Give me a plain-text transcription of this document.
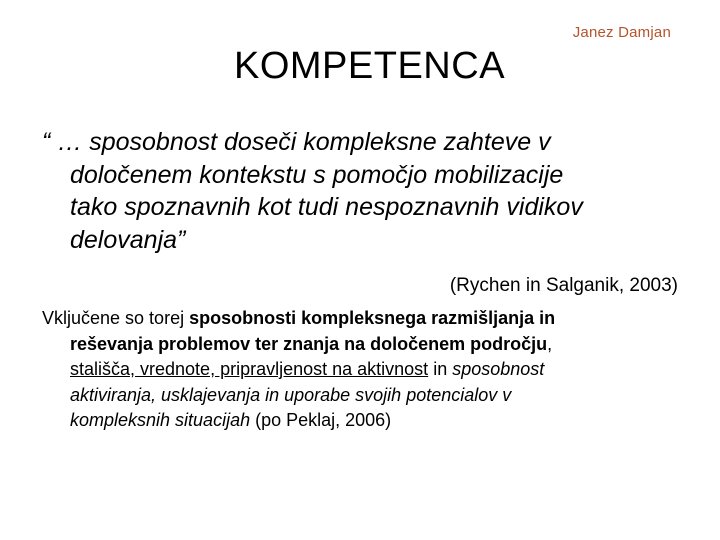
Janez Damjan
KOMPETENCA
“ … sposobnost doseči kompleksne zahteve v
določenem kontekstu s pomočjo mobilizacije
tako spoznavnih kot tudi nespoznavnih vidikov
delovanja”
(Rychen in Salganik, 2003)
Vključene so torej sposobnosti kompleksnega razmišljanja in
reševanja problemov ter znanja na določenem področju,
stališča, vrednote, pripravljenost na aktivnost in sposobnost
aktiviranja, usklajevanja in uporabe svojih potencialov v
kompleksnih situacijah (po Peklaj, 2006)
